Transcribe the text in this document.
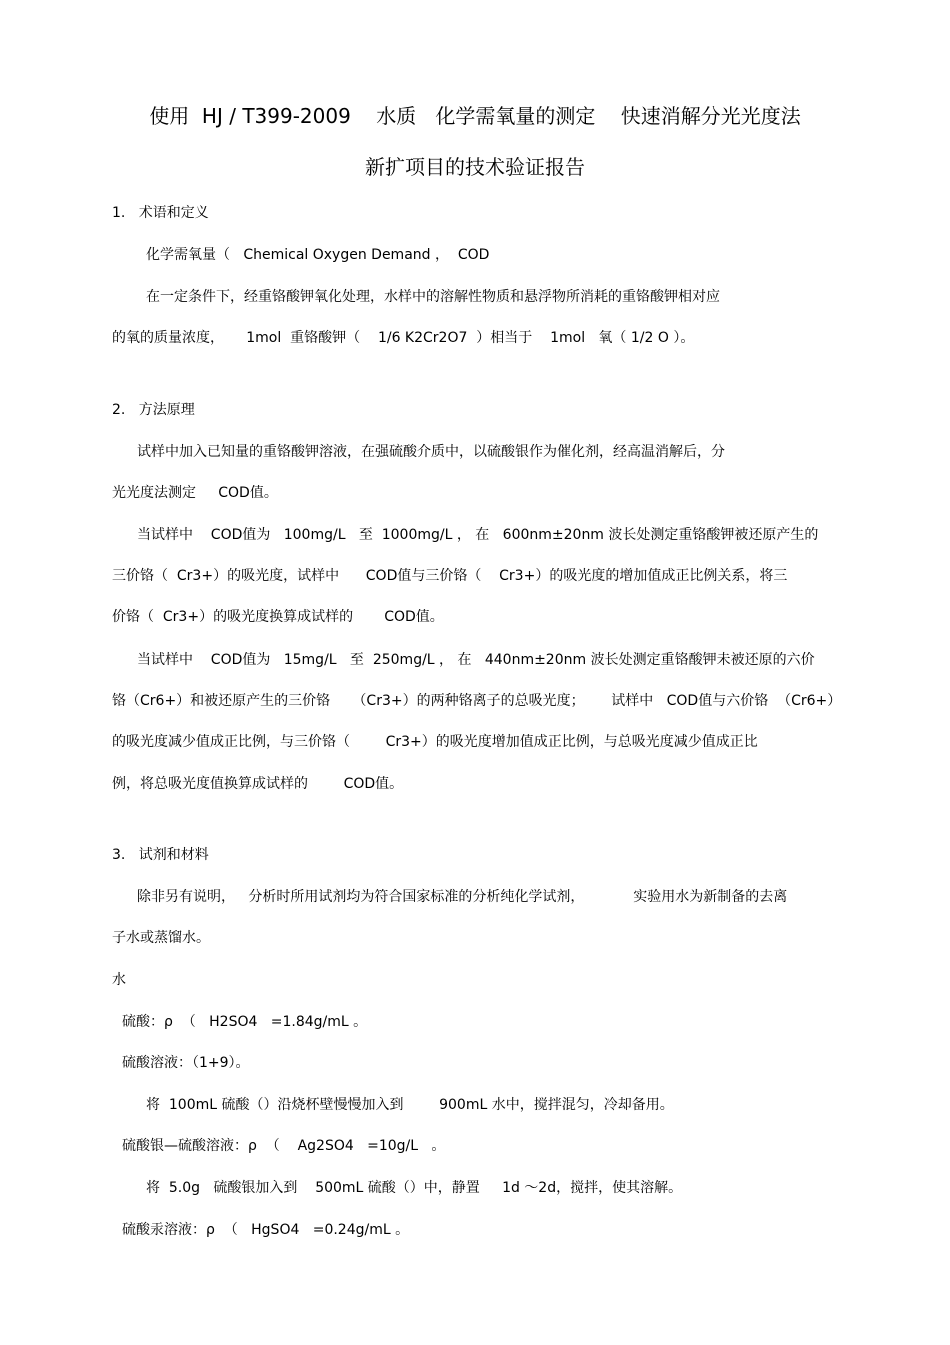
使用  HJ / T399-2009    水质   化学需氧量的测定    快速消解分光光度法
新扩项目的技术验证报告
1.   术语和定义
化学需氧量（   Chemical Oxygen Demand ，  COD
在一定条件下，经重铬酸钾氧化处理，水样中的溶解性物质和悬浮物所消耗的重铬酸钾相对应
的氧的质量浓度，     1mol  重铬酸钾（    1/6 K2Cr2O7  ）相当于    1mol   氧（ 1/2 O ）。
2.   方法原理
试样中加入已知量的重铬酸钾溶液，在强硫酸介质中，以硫酸银作为催化剂，经高温消解后，分
光光度法测定     COD值。
当试样中    COD值为   100mg/L   至  1000mg/L ， 在   600nm±20nm 波长处测定重铬酸钾被还原产生的
三价铬（  Cr3+）的吸光度，试样中      COD值与三价铬（    Cr3+）的吸光度的增加值成正比例关系，将三
价铬（  Cr3+）的吸光度换算成试样的       COD值。
当试样中    COD值为   15mg/L   至  250mg/L ， 在   440nm±20nm 波长处测定重铬酸钾未被还原的六价
铬（Cr6+）和被还原产生的三价铬     （Cr3+）的两种铬离子的总吸光度；      试样中   COD值与六价铬  （Cr6+）
的吸光度减少值成正比例，与三价铬（        Cr3+）的吸光度增加值成正比例，与总吸光度减少值成正比
例，将总吸光度值换算成试样的        COD值。
3.   试剂和材料
除非另有说明，   分析时所用试剂均为符合国家标准的分析纯化学试剂，           实验用水为新制备的去离
子水或蒸馏水。
水
硫酸：ρ  （   H2SO4   =1.84g/mL 。
硫酸溶液：（1+9）。
将  100mL 硫酸（）沿烧杯壁慢慢加入到        900mL 水中，搅拌混匀，冷却备用。
硫酸银—硫酸溶液：ρ  （    Ag2SO4   =10g/L   。
将  5.0g   硫酸银加入到    500mL 硫酸（）中，静置     1d ～2d，搅拌，使其溶解。
硫酸汞溶液：ρ  （   HgSO4   =0.24g/mL 。
